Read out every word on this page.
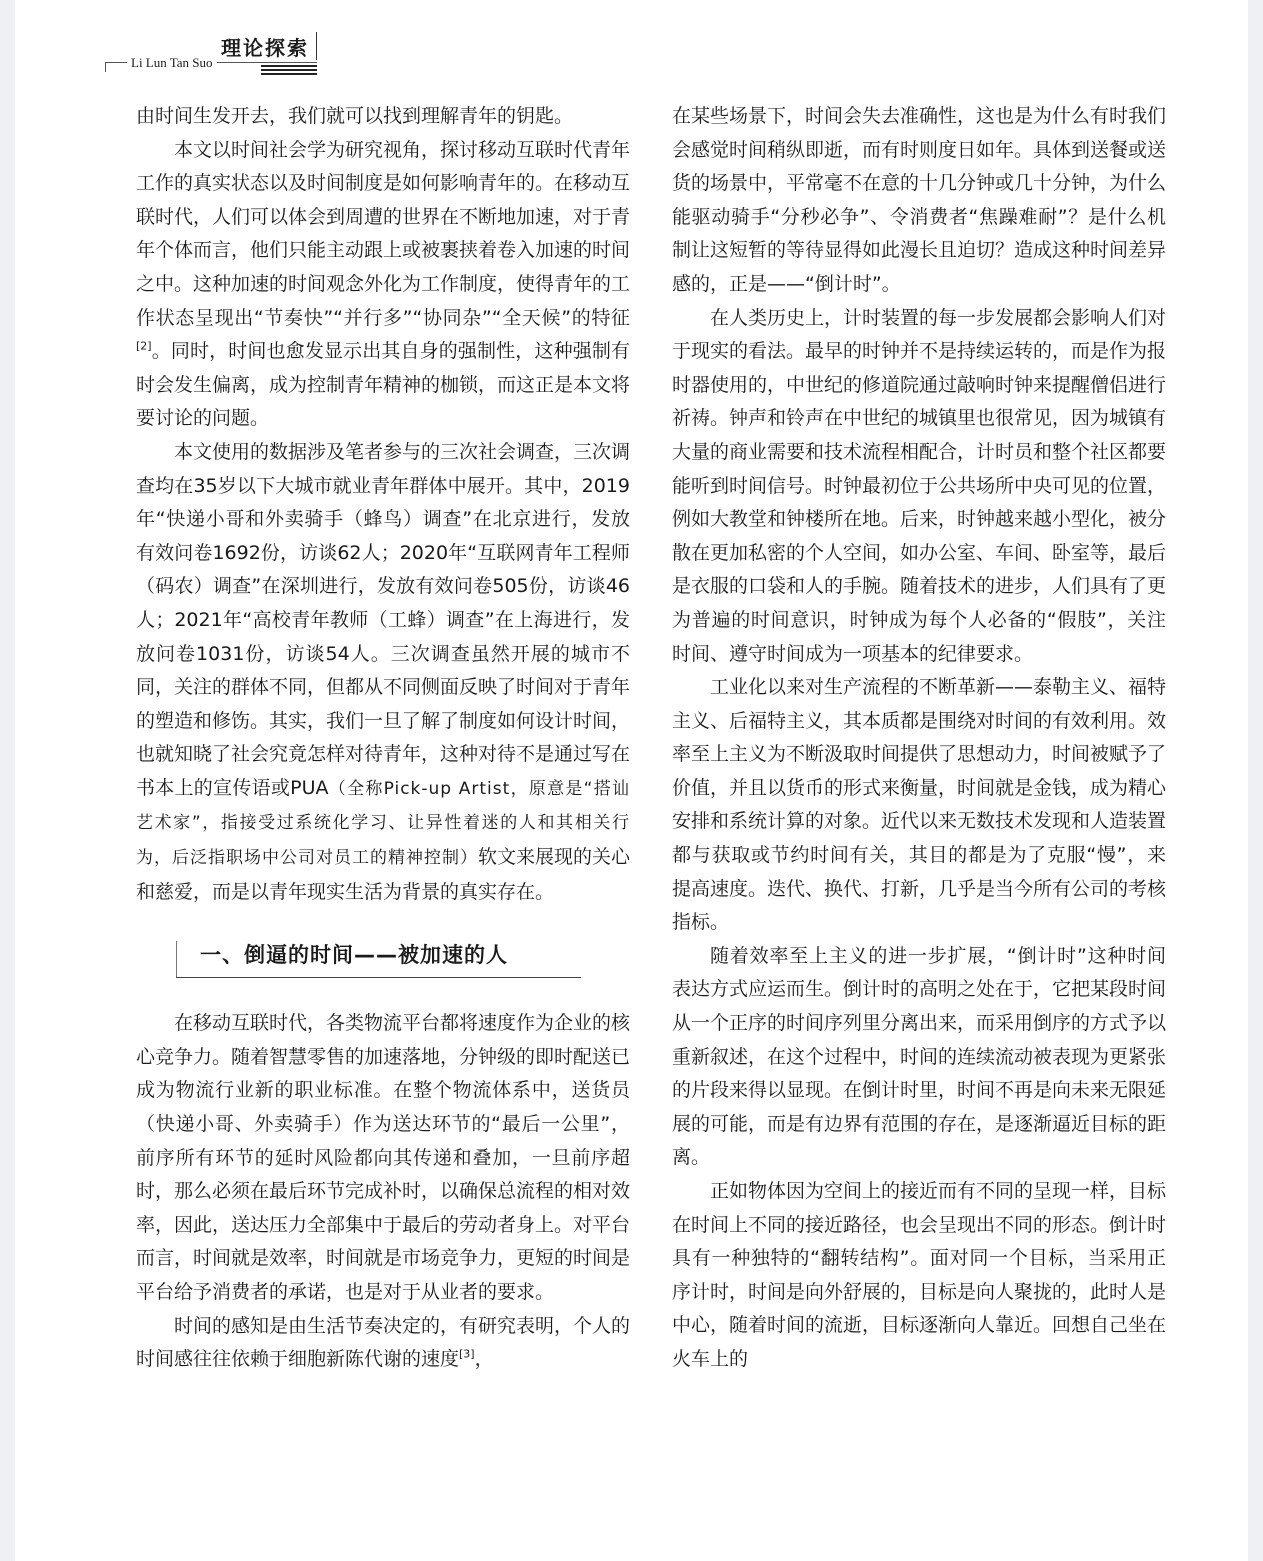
理论探索
Li Lun Tan Suo

由时间生发开去，我们就可以找到理解青年的钥匙。

本文以时间社会学为研究视角，探讨移动互联时代青年工作的真实状态以及时间制度是如何影响青年的。在移动互联时代，人们可以体会到周遭的世界在不断地加速，对于青年个体而言，他们只能主动跟上或被裹挟着卷入加速的时间之中。这种加速的时间观念外化为工作制度，使得青年的工作状态呈现出“节奏快”“并行多”“协同杂”“全天候”的特征[2]。同时，时间也愈发显示出其自身的强制性，这种强制有时会发生偏离，成为控制青年精神的枷锁，而这正是本文将要讨论的问题。

本文使用的数据涉及笔者参与的三次社会调查，三次调查均在35岁以下大城市就业青年群体中展开。其中，2019年“快递小哥和外卖骑手（蜂鸟）调查”在北京进行，发放有效问卷1692份，访谈62人；2020年“互联网青年工程师（码农）调查”在深圳进行，发放有效问卷505份，访谈46人；2021年“高校青年教师（工蜂）调查”在上海进行，发放问卷1031份，访谈54人。三次调查虽然开展的城市不同，关注的群体不同，但都从不同侧面反映了时间对于青年的塑造和修饬。其实，我们一旦了解了制度如何设计时间，也就知晓了社会究竟怎样对待青年，这种对待不是通过写在书本上的宣传语或PUA（全称Pick-up Artist，原意是“搭讪艺术家”，指接受过系统化学习、让异性着迷的人和其相关行为，后泛指职场中公司对员工的精神控制）软文来展现的关心和慈爱，而是以青年现实生活为背景的真实存在。

一、倒逼的时间——被加速的人

在移动互联时代，各类物流平台都将速度作为企业的核心竞争力。随着智慧零售的加速落地，分钟级的即时配送已成为物流行业新的职业标准。在整个物流体系中，送货员（快递小哥、外卖骑手）作为送达环节的“最后一公里”，前序所有环节的延时风险都向其传递和叠加，一旦前序超时，那么必须在最后环节完成补时，以确保总流程的相对效率，因此，送达压力全部集中于最后的劳动者身上。对平台而言，时间就是效率，时间就是市场竞争力，更短的时间是平台给予消费者的承诺，也是对于从业者的要求。

时间的感知是由生活节奏决定的，有研究表明，个人的时间感往往依赖于细胞新陈代谢的速度[3]，

在某些场景下，时间会失去准确性，这也是为什么有时我们会感觉时间稍纵即逝，而有时则度日如年。具体到送餐或送货的场景中，平常毫不在意的十几分钟或几十分钟，为什么能驱动骑手“分秒必争”、令消费者“焦躁难耐”？是什么机制让这短暂的等待显得如此漫长且迫切？造成这种时间差异感的，正是——“倒计时”。

在人类历史上，计时装置的每一步发展都会影响人们对于现实的看法。最早的时钟并不是持续运转的，而是作为报时器使用的，中世纪的修道院通过敲响时钟来提醒僧侣进行祈祷。钟声和铃声在中世纪的城镇里也很常见，因为城镇有大量的商业需要和技术流程相配合，计时员和整个社区都要能听到时间信号。时钟最初位于公共场所中央可见的位置，例如大教堂和钟楼所在地。后来，时钟越来越小型化，被分散在更加私密的个人空间，如办公室、车间、卧室等，最后是衣服的口袋和人的手腕。随着技术的进步，人们具有了更为普遍的时间意识，时钟成为每个人必备的“假肢”，关注时间、遵守时间成为一项基本的纪律要求。

工业化以来对生产流程的不断革新——泰勒主义、福特主义、后福特主义，其本质都是围绕对时间的有效利用。效率至上主义为不断汲取时间提供了思想动力，时间被赋予了价值，并且以货币的形式来衡量，时间就是金钱，成为精心安排和系统计算的对象。近代以来无数技术发现和人造装置都与获取或节约时间有关，其目的都是为了克服“慢”，来提高速度。迭代、换代、打新，几乎是当今所有公司的考核指标。

随着效率至上主义的进一步扩展，“倒计时”这种时间表达方式应运而生。倒计时的高明之处在于，它把某段时间从一个正序的时间序列里分离出来，而采用倒序的方式予以重新叙述，在这个过程中，时间的连续流动被表现为更紧张的片段来得以显现。在倒计时里，时间不再是向未来无限延展的可能，而是有边界有范围的存在，是逐渐逼近目标的距离。

正如物体因为空间上的接近而有不同的呈现一样，目标在时间上不同的接近路径，也会呈现出不同的形态。倒计时具有一种独特的“翻转结构”。面对同一个目标，当采用正序计时，时间是向外舒展的，目标是向人聚拢的，此时人是中心，随着时间的流逝，目标逐渐向人靠近。回想自己坐在火车上的
